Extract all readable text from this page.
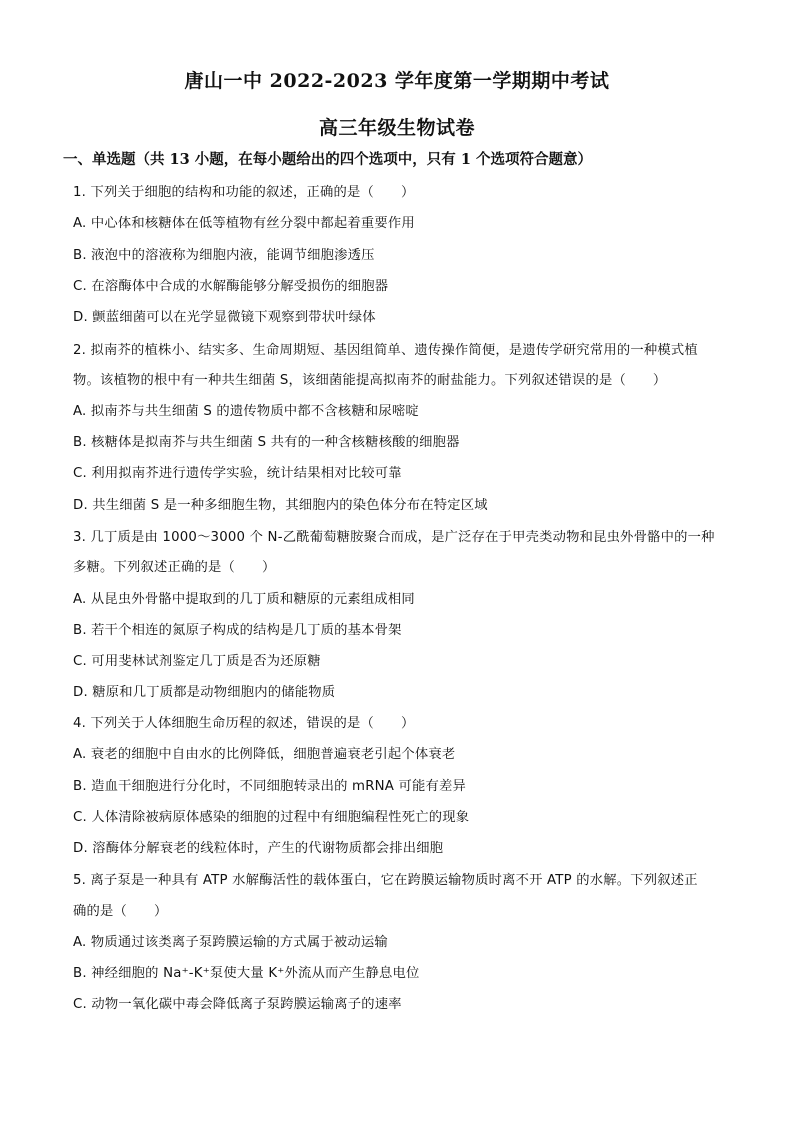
唐山一中 2022-2023 学年度第一学期期中考试
高三年级生物试卷
一、单选题（共 13 小题，在每小题给出的四个选项中，只有 1 个选项符合题意）
1. 下列关于细胞的结构和功能的叙述，正确的是（　　）
A. 中心体和核糖体在低等植物有丝分裂中都起着重要作用
B. 液泡中的溶液称为细胞内液，能调节细胞渗透压
C. 在溶酶体中合成的水解酶能够分解受损伤的细胞器
D. 颤蓝细菌可以在光学显微镜下观察到带状叶绿体
2. 拟南芥的植株小、结实多、生命周期短、基因组简单、遗传操作简便，是遗传学研究常用的一种模式植
物。该植物的根中有一种共生细菌 S，该细菌能提高拟南芥的耐盐能力。下列叙述错误的是（　　）
A. 拟南芥与共生细菌 S 的遗传物质中都不含核糖和尿嘧啶
B. 核糖体是拟南芥与共生细菌 S 共有的一种含核糖核酸的细胞器
C. 利用拟南芥进行遗传学实验，统计结果相对比较可靠
D. 共生细菌 S 是一种多细胞生物，其细胞内的染色体分布在特定区域
3. 几丁质是由 1000～3000 个 N-乙酰葡萄糖胺聚合而成，是广泛存在于甲壳类动物和昆虫外骨骼中的一种
多糖。下列叙述正确的是（　　）
A. 从昆虫外骨骼中提取到的几丁质和糖原的元素组成相同
B. 若干个相连的氮原子构成的结构是几丁质的基本骨架
C. 可用斐林试剂鉴定几丁质是否为还原糖
D. 糖原和几丁质都是动物细胞内的储能物质
4. 下列关于人体细胞生命历程的叙述，错误的是（　　）
A. 衰老的细胞中自由水的比例降低，细胞普遍衰老引起个体衰老
B. 造血干细胞进行分化时，不同细胞转录出的 mRNA 可能有差异
C. 人体清除被病原体感染的细胞的过程中有细胞编程性死亡的现象
D. 溶酶体分解衰老的线粒体时，产生的代谢物质都会排出细胞
5. 离子泵是一种具有 ATP 水解酶活性的载体蛋白，它在跨膜运输物质时离不开 ATP 的水解。下列叙述正
确的是（　　）
A. 物质通过该类离子泵跨膜运输的方式属于被动运输
B. 神经细胞的 Na⁺-K⁺泵使大量 K⁺外流从而产生静息电位
C. 动物一氧化碳中毒会降低离子泵跨膜运输离子的速率
